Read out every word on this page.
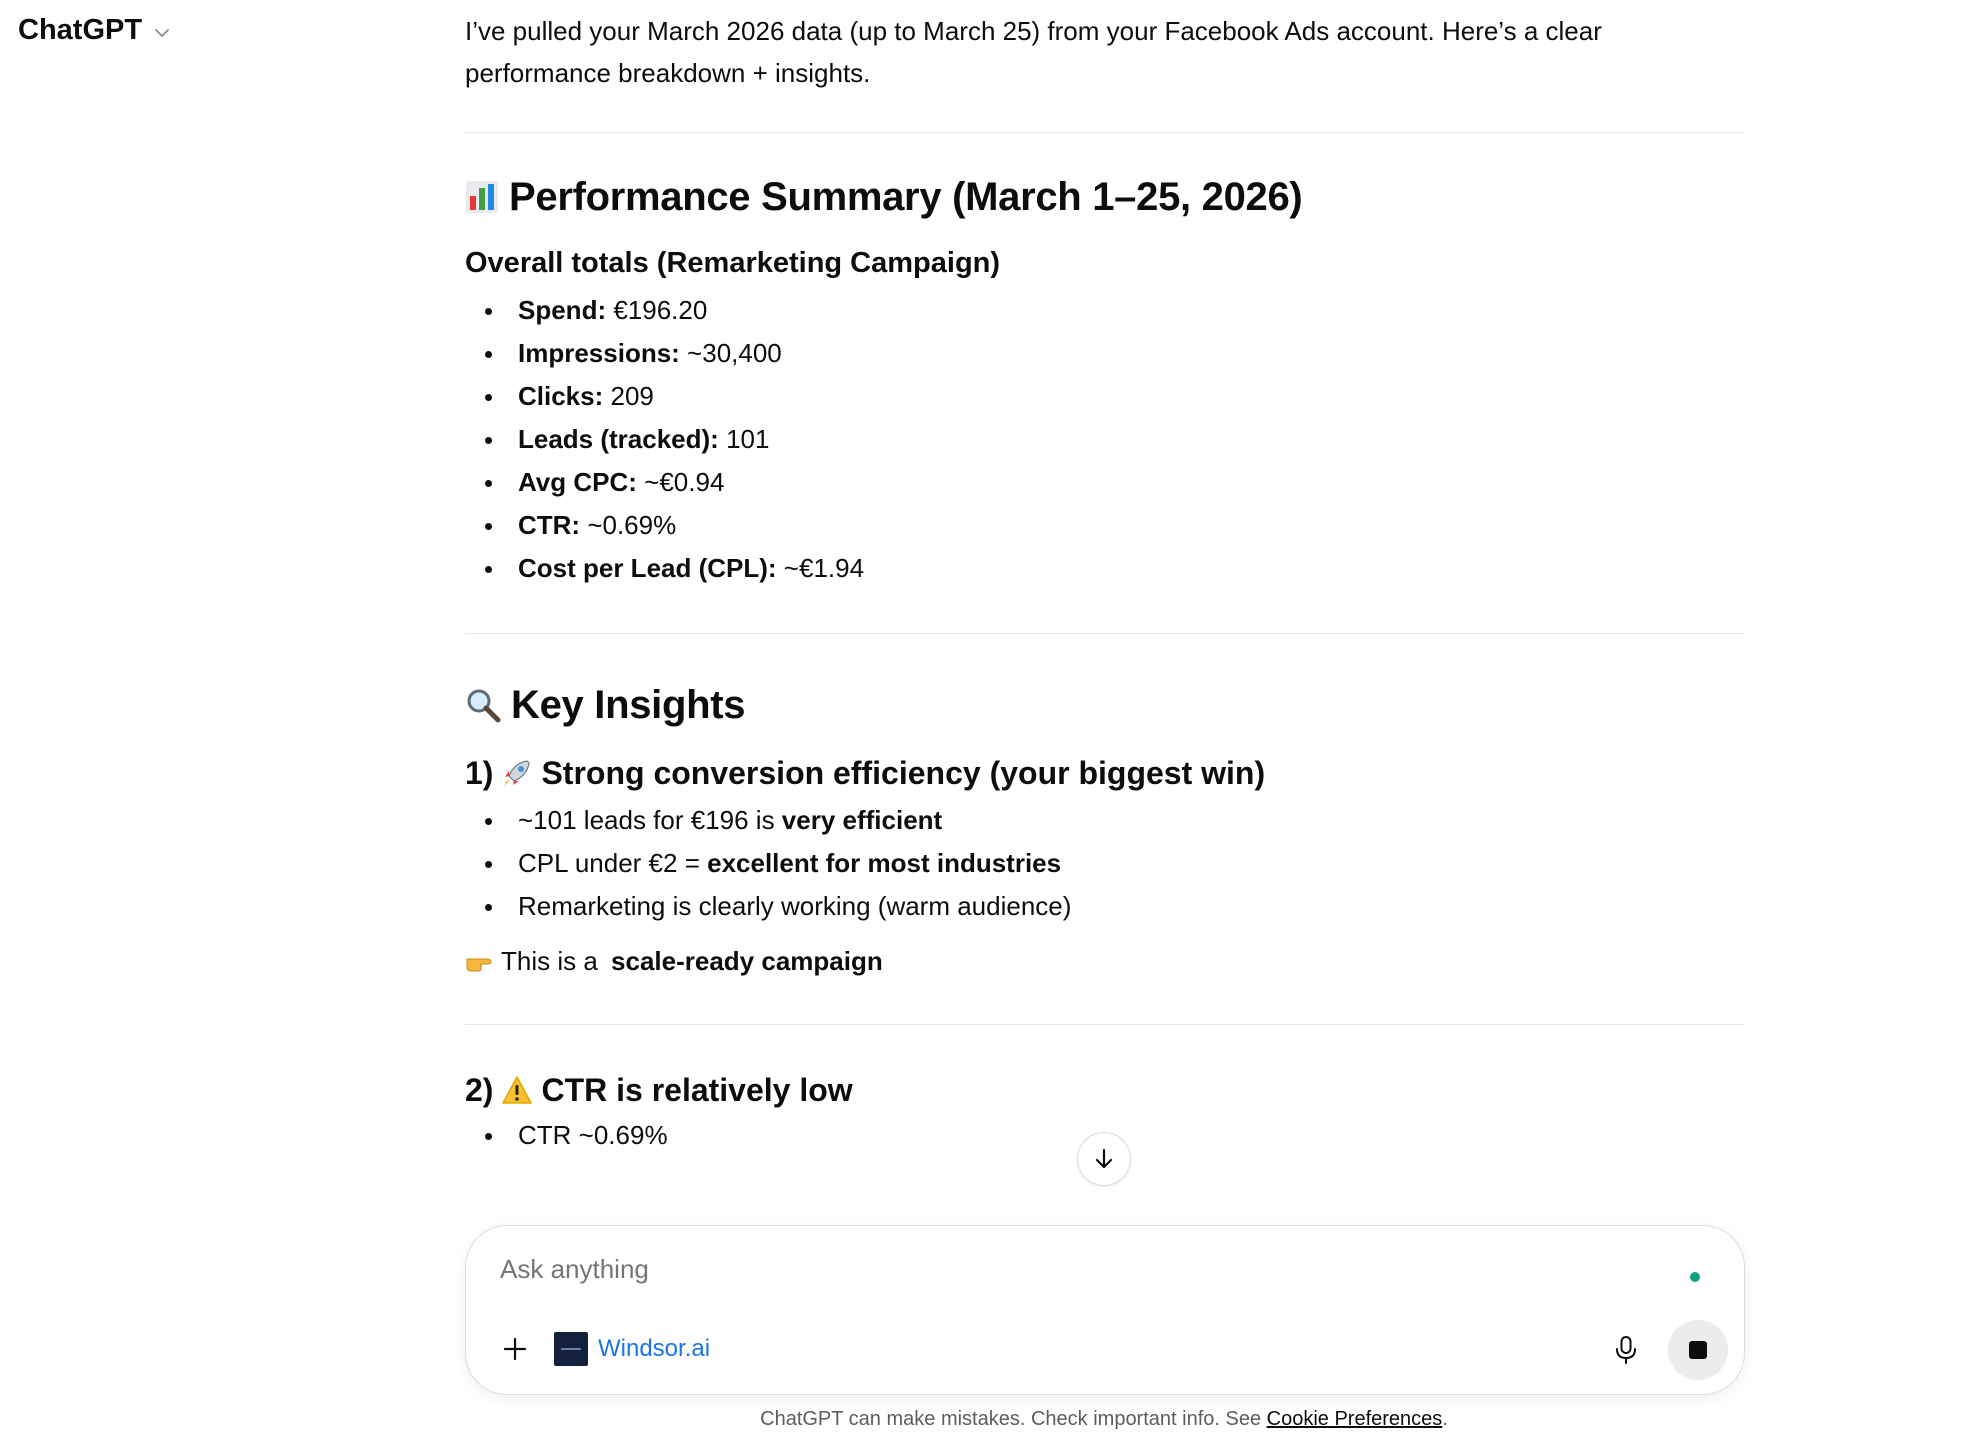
ChatGPT	I’ve pulled your March 2026 data (up to March 25) from your Facebook Ads account. Here’s a clear performance breakdown + insights.

Performance Summary (March 1–25, 2026)
Overall totals (Remarketing Campaign)
Spend: €196.20
Impressions: ~30,400
Clicks: 209
Leads (tracked): 101
Avg CPC: ~€0.94
CTR: ~0.69%
Cost per Lead (CPL): ~€1.94
Key Insights
1) Strong conversion efficiency (your biggest win)
~101 leads for €196 is very efficient
CPL under €2 = excellent for most industries
Remarketing is clearly working (warm audience)
This is a scale-ready campaign
2) CTR is relatively low
CTR ~0.69%
Ask anything
Windsor.ai
ChatGPT can make mistakes. Check important info. See Cookie Preferences.
